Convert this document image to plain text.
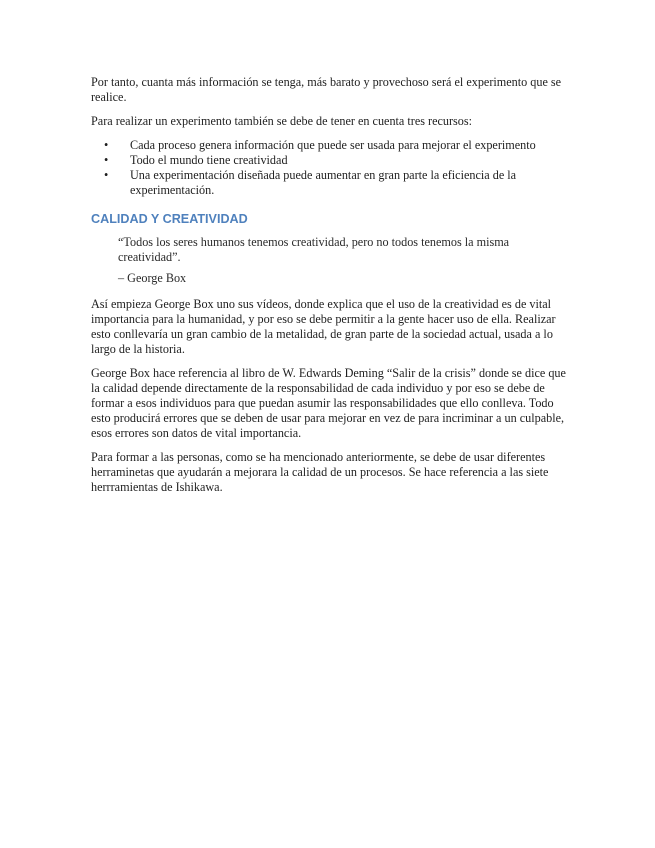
Por tanto, cuanta más información se tenga, más barato y provechoso será el experimento que se realice.

Para realizar un experimento también se debe de tener en cuenta tres recursos:

• Cada proceso genera información que puede ser usada para mejorar el experimento
• Todo el mundo tiene creatividad
• Una experimentación diseñada puede aumentar en gran parte la eficiencia de la experimentación.
CALIDAD Y CREATIVIDAD

“Todos los seres humanos tenemos creatividad, pero no todos tenemos la misma creatividad”.

– George Box

Así empieza George Box uno sus vídeos, donde explica que el uso de la creatividad es de vital importancia para la humanidad, y por eso se debe permitir a la gente hacer uso de ella. Realizar esto conllevaría un gran cambio de la metalidad, de gran parte de la sociedad actual, usada a lo largo de la historia.

George Box hace referencia al libro de W. Edwards Deming “Salir de la crisis” donde se dice que la calidad depende directamente de la responsabilidad de cada individuo y por eso se debe de formar a esos individuos para que puedan asumir las responsabilidades que ello conlleva. Todo esto producirá errores que se deben de usar para mejorar en vez de para incriminar a un culpable, esos errores son datos de vital importancia.

Para formar a las personas, como se ha mencionado anteriormente, se debe de usar diferentes herraminetas que ayudarán a mejorara la calidad de un procesos. Se hace referencia a las siete herrramientas de Ishikawa.
